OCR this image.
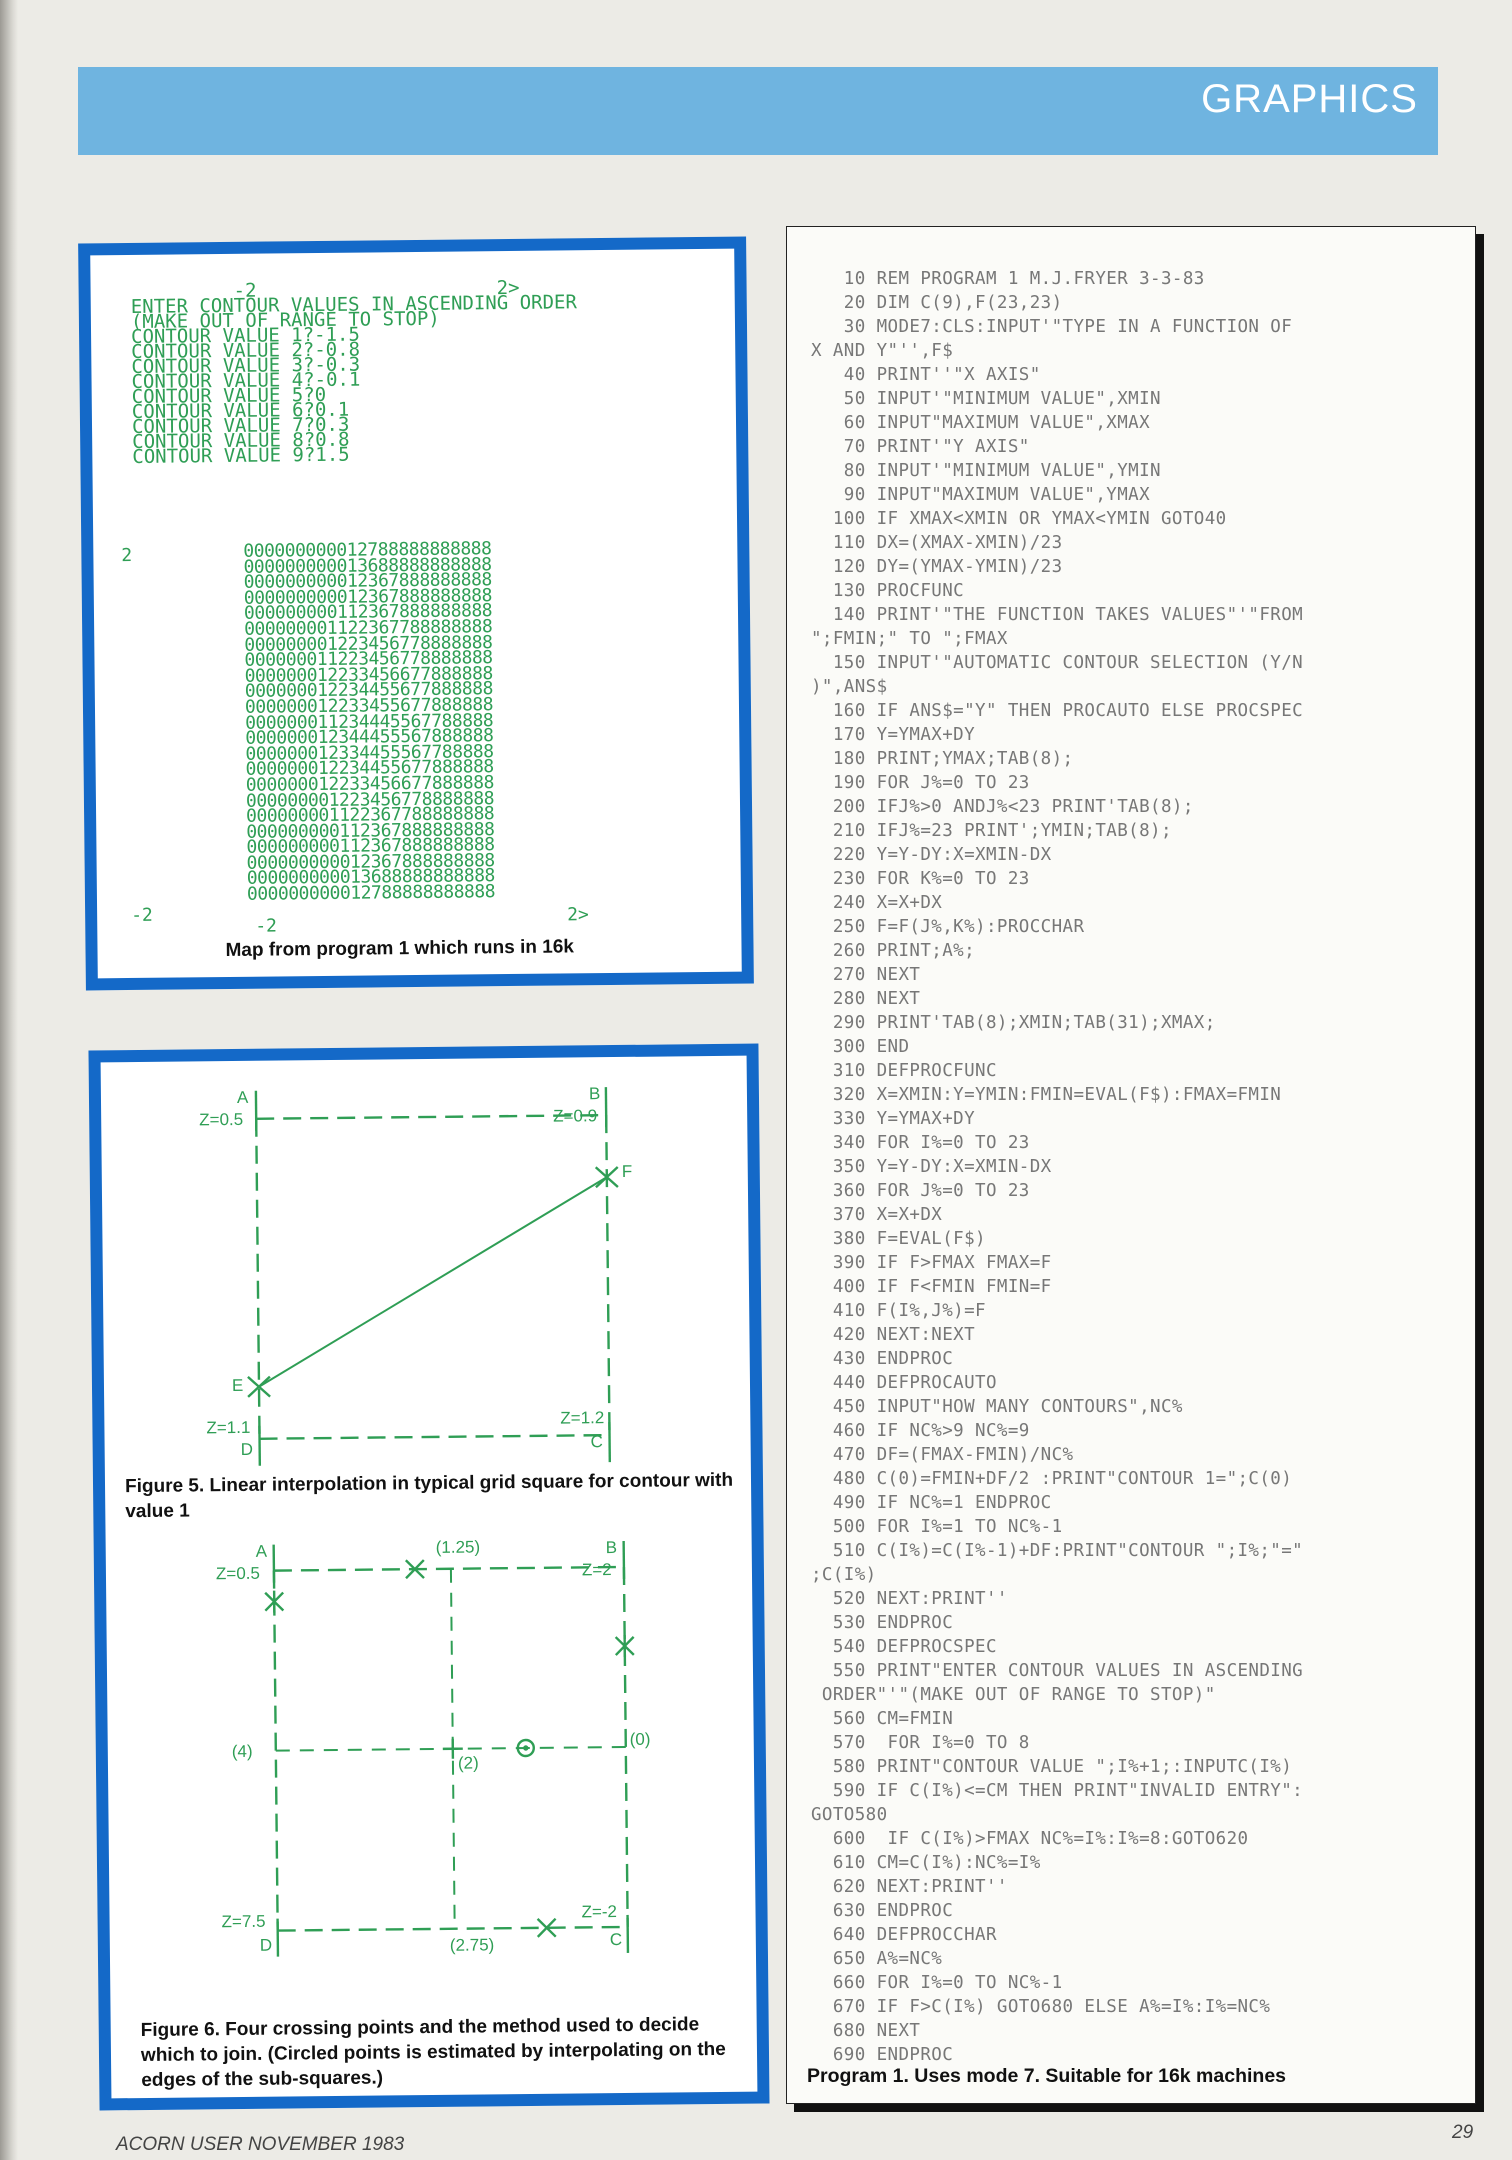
GRAPHICS
-2                     2>
ENTER CONTOUR VALUES IN ASCENDING ORDER
(MAKE OUT OF RANGE TO STOP)
CONTOUR VALUE 1?-1.5
CONTOUR VALUE 2?-0.8
CONTOUR VALUE 3?-0.3
CONTOUR VALUE 4?-0.1
CONTOUR VALUE 5?0
CONTOUR VALUE 6?0.1
CONTOUR VALUE 7?0.3
CONTOUR VALUE 8?0.8
CONTOUR VALUE 9?1.5
2	000000000012788888888888
000000000013688888888888
000000000012367888888888
000000000012367888888888
000000000112367888888888
000000001122367788888888
000000001223456778888888
000000011223456778888888
000000012233456677888888
000000012234455677888888
000000012233455677888888
000000011234445567788888
000000012344455567888888
000000012334455567788888
000000012234455677888888
000000012233456677888888
000000001223456778888888
000000001122367788888888
000000000112367888888888
000000000112367888888888
000000000012367888888888
000000000013688888888888
000000000012788888888888
-2
-2
2>
Map from program 1 which runs in 16k
A
Z=0.5
B
Z=0.9
F
E
Z=1.1
D
Z=1.2
C
Figure 5. Linear interpolation in typical grid square for contour with value 1
A
Z=0.5
B
Z=2
(1.25)
(4)
(2)
(0)
Z=7.5
D
Z=-2
C
(2.75)
Figure 6. Four crossing points and the method used to decide which to join. (Circled points is estimated by interpolating on the edges of the sub-squares.)
10 REM PROGRAM 1 M.J.FRYER 3-3-83
20 DIM C(9),F(23,23)
30 MODE7:CLS:INPUT'"TYPE IN A FUNCTION OF
X AND Y"'',F$
40 PRINT''"X AXIS"
50 INPUT'"MINIMUM VALUE",XMIN
60 INPUT"MAXIMUM VALUE",XMAX
70 PRINT'"Y AXIS"
80 INPUT'"MINIMUM VALUE",YMIN
90 INPUT"MAXIMUM VALUE",YMAX
100 IF XMAX<XMIN OR YMAX<YMIN GOTO40
110 DX=(XMAX-XMIN)/23
120 DY=(YMAX-YMIN)/23
130 PROCFUNC
140 PRINT'"THE FUNCTION TAKES VALUES"'"FROM
";FMIN;" TO ";FMAX
150 INPUT'"AUTOMATIC CONTOUR SELECTION (Y/N
)",ANS$
160 IF ANS$="Y" THEN PROCAUTO ELSE PROCSPEC
170 Y=YMAX+DY
180 PRINT;YMAX;TAB(8);
190 FOR J%=0 TO 23
200 IFJ%>0 ANDJ%<23 PRINT'TAB(8);
210 IFJ%=23 PRINT';YMIN;TAB(8);
220 Y=Y-DY:X=XMIN-DX
230 FOR K%=0 TO 23
240 X=X+DX
250 F=F(J%,K%):PROCCHAR
260 PRINT;A%;
270 NEXT
280 NEXT
290 PRINT'TAB(8);XMIN;TAB(31);XMAX;
300 END
310 DEFPROCFUNC
320 X=XMIN:Y=YMIN:FMIN=EVAL(F$):FMAX=FMIN
330 Y=YMAX+DY
340 FOR I%=0 TO 23
350 Y=Y-DY:X=XMIN-DX
360 FOR J%=0 TO 23
370 X=X+DX
380 F=EVAL(F$)
390 IF F>FMAX FMAX=F
400 IF F<FMIN FMIN=F
410 F(I%,J%)=F
420 NEXT:NEXT
430 ENDPROC
440 DEFPROCAUTO
450 INPUT"HOW MANY CONTOURS",NC%
460 IF NC%>9 NC%=9
470 DF=(FMAX-FMIN)/NC%
480 C(0)=FMIN+DF/2 :PRINT"CONTOUR 1=";C(0)
490 IF NC%=1 ENDPROC
500 FOR I%=1 TO NC%-1
510 C(I%)=C(I%-1)+DF:PRINT"CONTOUR ";I%;"="
;C(I%)
520 NEXT:PRINT''
530 ENDPROC
540 DEFPROCSPEC
550 PRINT"ENTER CONTOUR VALUES IN ASCENDING
ORDER"'"(MAKE OUT OF RANGE TO STOP)"
560 CM=FMIN
570  FOR I%=0 TO 8
580 PRINT"CONTOUR VALUE ";I%+1;:INPUTC(I%)
590 IF C(I%)<=CM THEN PRINT"INVALID ENTRY":
GOTO580
600  IF C(I%)>FMAX NC%=I%:I%=8:GOTO620
610 CM=C(I%):NC%=I%
620 NEXT:PRINT''
630 ENDPROC
640 DEFPROCCHAR
650 A%=NC%
660 FOR I%=0 TO NC%-1
670 IF F>C(I%) GOTO680 ELSE A%=I%:I%=NC%
680 NEXT
690 ENDPROC
Program 1. Uses mode 7. Suitable for 16k machines
ACORN USER NOVEMBER 1983
29
